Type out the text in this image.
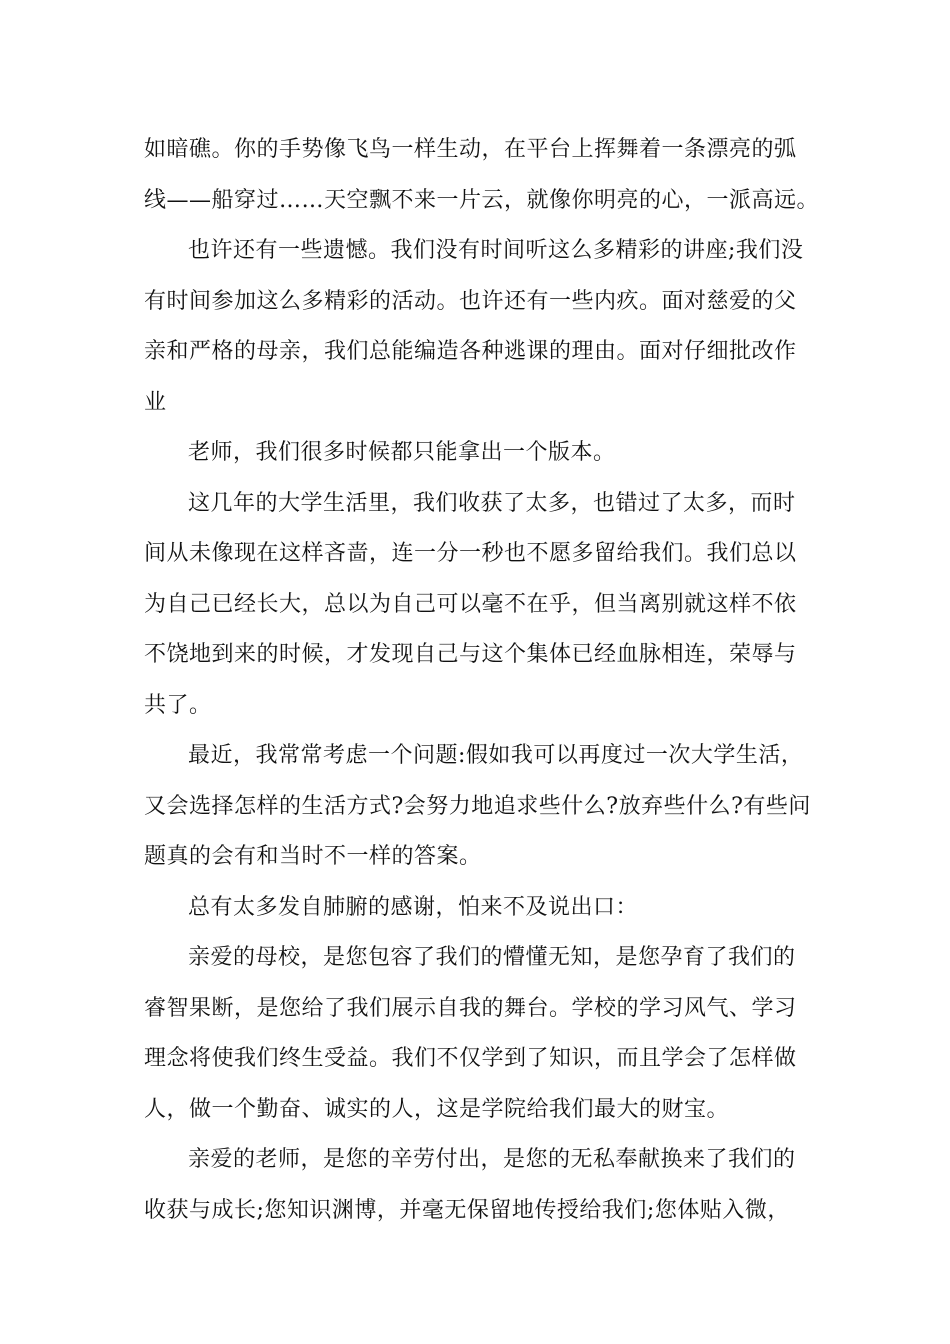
如暗礁。你的手势像飞鸟一样生动，在平台上挥舞着一条漂亮的弧
线——船穿过……天空飘不来一片云，就像你明亮的心，一派高远。
也许还有一些遗憾。我们没有时间听这么多精彩的讲座;我们没
有时间参加这么多精彩的活动。也许还有一些内疚。面对慈爱的父
亲和严格的母亲，我们总能编造各种逃课的理由。面对仔细批改作
业
老师，我们很多时候都只能拿出一个版本。
这几年的大学生活里，我们收获了太多，也错过了太多，而时
间从未像现在这样吝啬，连一分一秒也不愿多留给我们。我们总以
为自己已经长大，总以为自己可以毫不在乎，但当离别就这样不依
不饶地到来的时候，才发现自己与这个集体已经血脉相连，荣辱与
共了。
最近，我常常考虑一个问题:假如我可以再度过一次大学生活，
又会选择怎样的生活方式?会努力地追求些什么?放弃些什么?有些问
题真的会有和当时不一样的答案。
总有太多发自肺腑的感谢，怕来不及说出口：
亲爱的母校，是您包容了我们的懵懂无知，是您孕育了我们的
睿智果断，是您给了我们展示自我的舞台。学校的学习风气、学习
理念将使我们终生受益。我们不仅学到了知识，而且学会了怎样做
人，做一个勤奋、诚实的人，这是学院给我们最大的财宝。
亲爱的老师，是您的辛劳付出，是您的无私奉献换来了我们的
收获与成长;您知识渊博，并毫无保留地传授给我们;您体贴入微，
